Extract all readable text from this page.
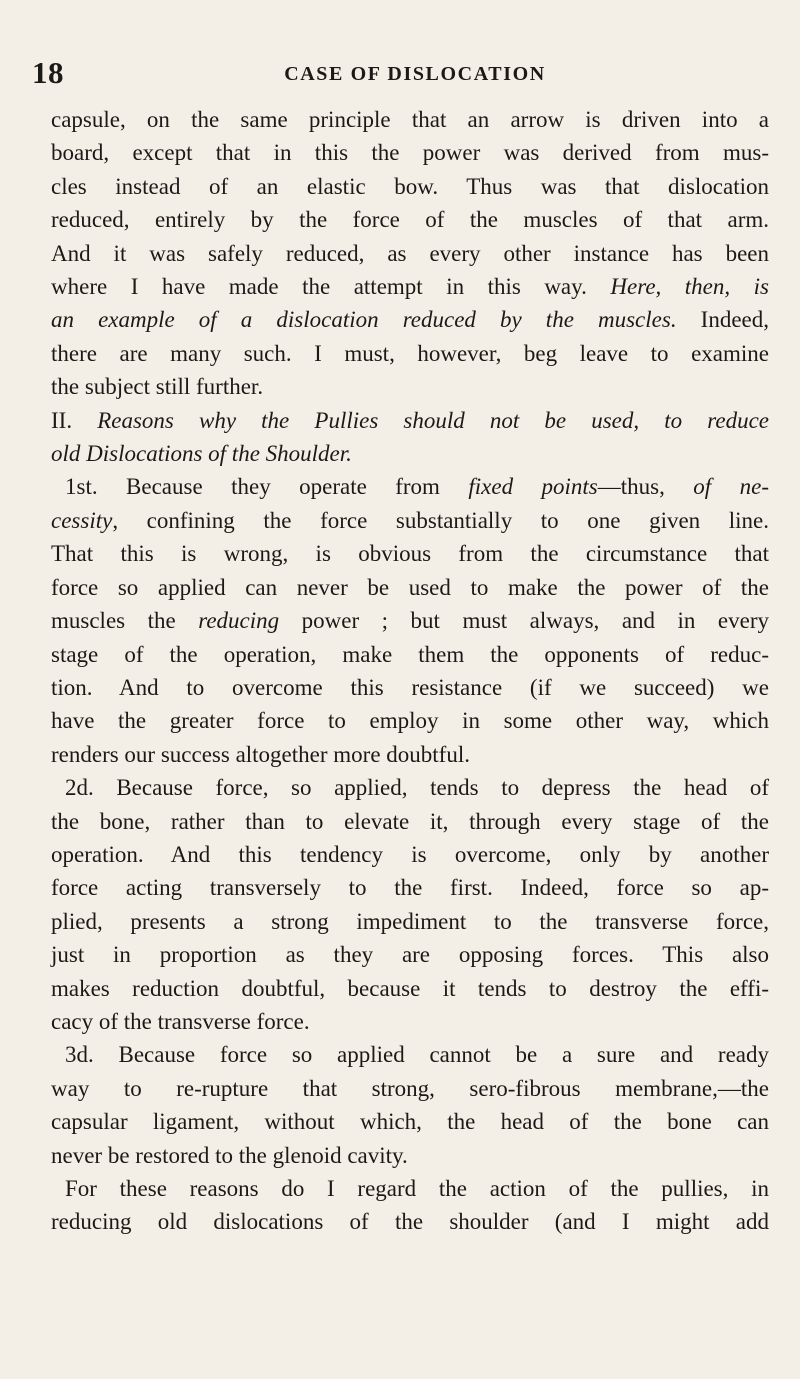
18	CASE OF DISLOCATION

capsule, on the same principle that an arrow is driven into a
board, except that in this the power was derived from mus-
cles instead of an elastic bow. Thus was that dislocation
reduced, entirely by the force of the muscles of that arm.
And it was safely reduced, as every other instance has been
where I have made the attempt in this way. Here, then, is
an example of a dislocation reduced by the muscles. Indeed,
there are many such. I must, however, beg leave to examine
the subject still further.

II. Reasons why the Pullies should not be used, to reduce
old Dislocations of the Shoulder.

1st. Because they operate from fixed points—thus, of ne-
cessity, confining the force substantially to one given line.
That this is wrong, is obvious from the circumstance that
force so applied can never be used to make the power of the
muscles the reducing power ; but must always, and in every
stage of the operation, make them the opponents of reduc-
tion. And to overcome this resistance (if we succeed) we
have the greater force to employ in some other way, which
renders our success altogether more doubtful.

2d. Because force, so applied, tends to depress the head of
the bone, rather than to elevate it, through every stage of the
operation. And this tendency is overcome, only by another
force acting transversely to the first. Indeed, force so ap-
plied, presents a strong impediment to the transverse force,
just in proportion as they are opposing forces. This also
makes reduction doubtful, because it tends to destroy the effi-
cacy of the transverse force.

3d. Because force so applied cannot be a sure and ready
way to re-rupture that strong, sero-fibrous membrane,—the
capsular ligament, without which, the head of the bone can
never be restored to the glenoid cavity.

For these reasons do I regard the action of the pullies, in
reducing old dislocations of the shoulder (and I might add
